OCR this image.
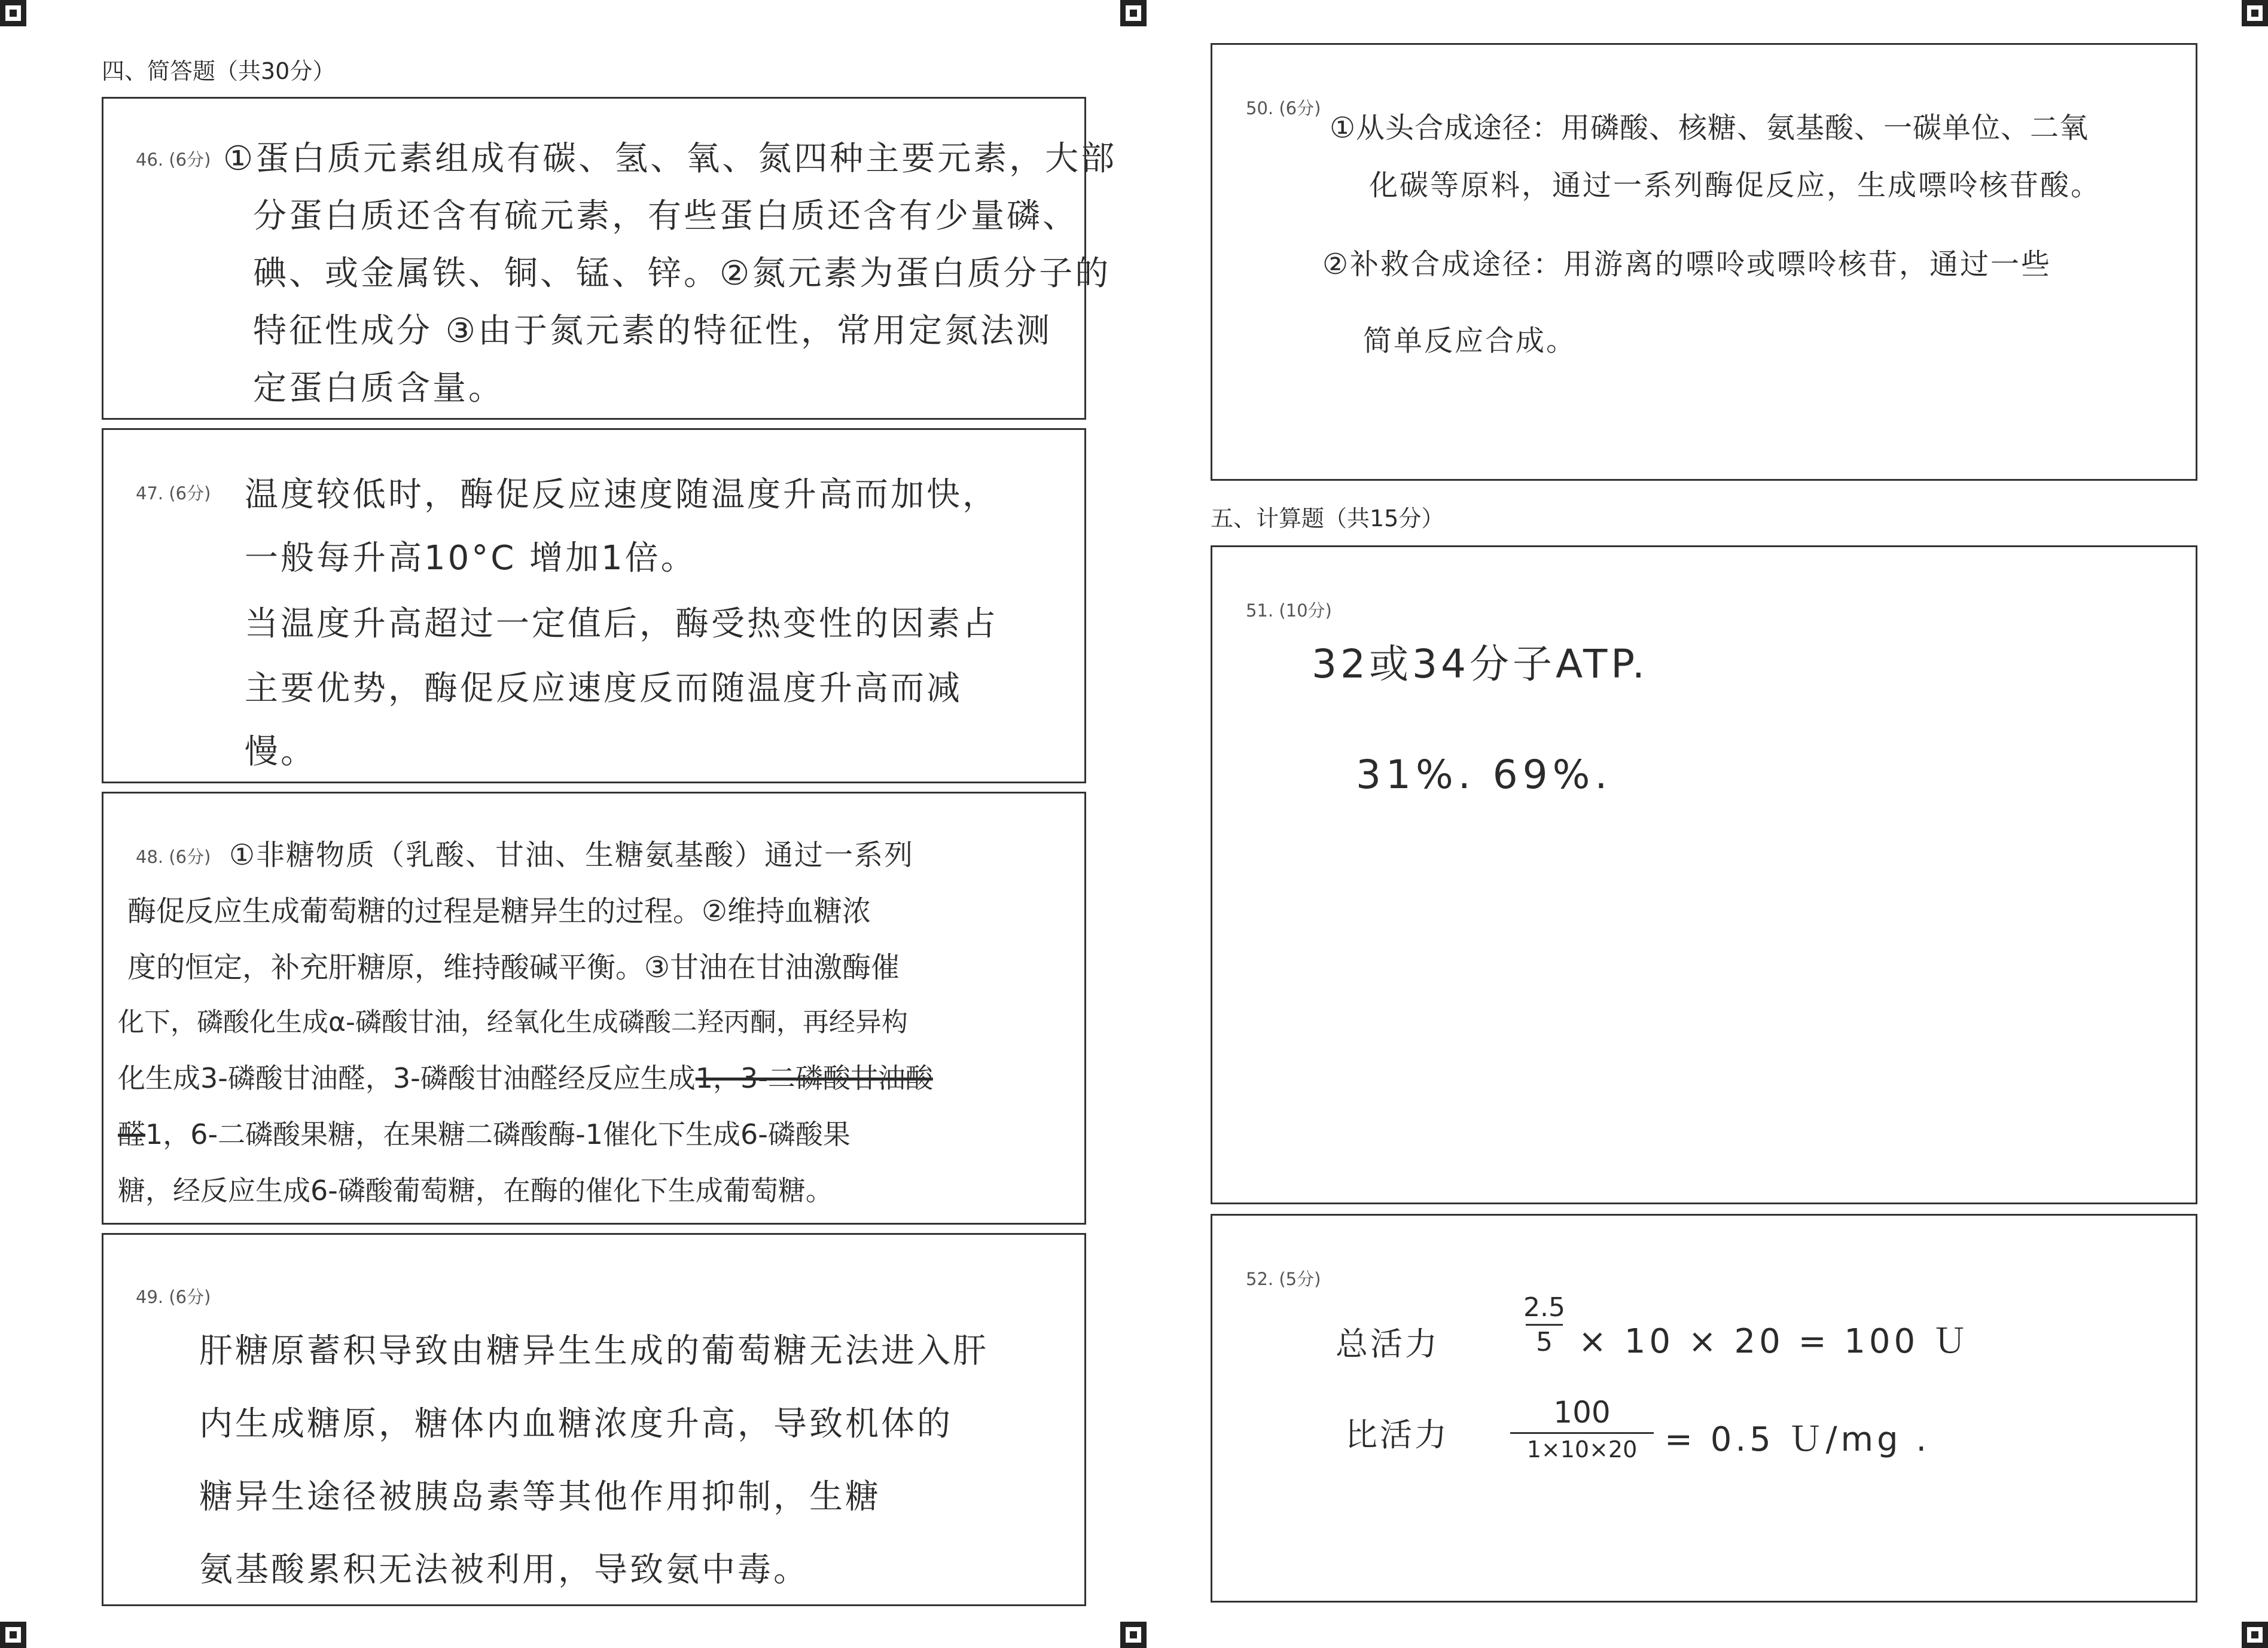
四、简答题（共30分）
46. (6分) ①蛋白质元素组成有碳、氢、氧、氮四种主要元素，大部
分蛋白质还含有硫元素，有些蛋白质还含有少量磷、
碘、或金属铁、铜、锰、锌。②氮元素为蛋白质分子的
特征性成分 ③由于氮元素的特征性，常用定氮法测
定蛋白质含量。
47. (6分) 温度较低时，酶促反应速度随温度升高而加快，
一般每升高10°C 增加1倍。
当温度升高超过一定值后，酶受热变性的因素占
主要优势，酶促反应速度反而随温度升高而减
慢。
48. (6分) ①非糖物质（乳酸、甘油、生糖氨基酸）通过一系列
酶促反应生成葡萄糖的过程是糖异生的过程。②维持血糖浓
度的恒定，补充肝糖原，维持酸碱平衡。③甘油在甘油激酶催
化下，磷酸化生成α-磷酸甘油，经氧化生成磷酸二羟丙酮，再经异构
化生成3-磷酸甘油醛，3-磷酸甘油醛经反应生成1，3-二磷酸甘油酸
醛1，6-二磷酸果糖，在果糖二磷酸酶-1催化下生成6-磷酸果
糖，经反应生成6-磷酸葡萄糖，在酶的催化下生成葡萄糖。
49. (6分)
肝糖原蓄积导致由糖异生生成的葡萄糖无法进入肝
内生成糖原，糖体内血糖浓度升高，导致机体的
糖异生途径被胰岛素等其他作用抑制，生糖
氨基酸累积无法被利用，导致氨中毒。
50. (6分)
①从头合成途径：用磷酸、核糖、氨基酸、一碳单位、二氧
化碳等原料，通过一系列酶促反应，生成嘌呤核苷酸。
②补救合成途径：用游离的嘌呤或嘌呤核苷，通过一些
简单反应合成。
五、计算题（共15分）
51. (10分)
32或34分子ATP.
31%. 69%.
52. (5分)
总活力
2.5
5 × 10 × 20 = 100 Ｕ
比活力
100
1×10×20 = 0.5 Ｕ/mg .
